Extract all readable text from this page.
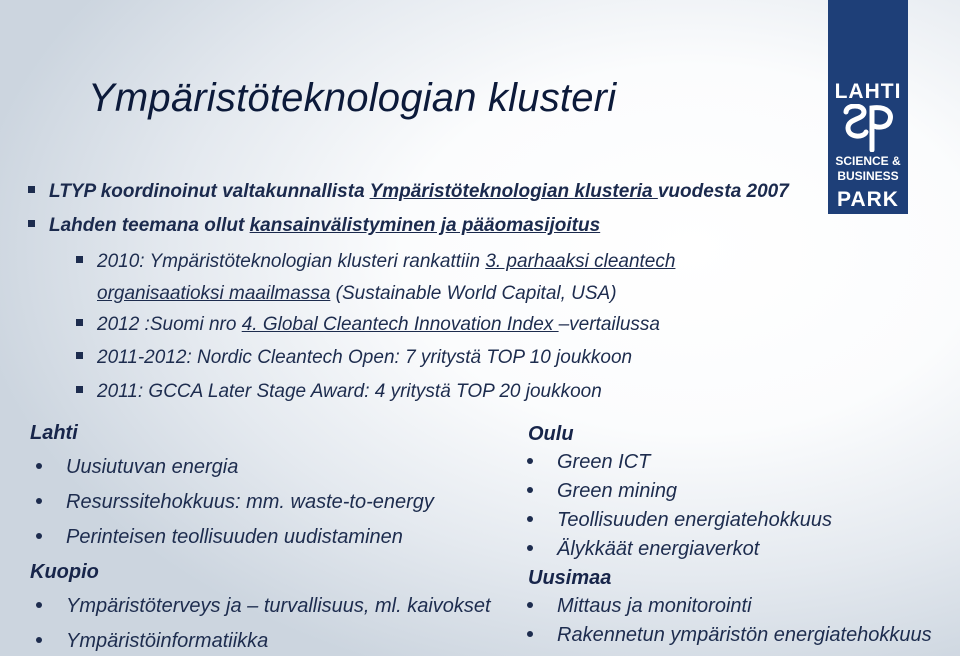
Ympäristöteknologian klusteri	LAHTI
SCIENCE &
BUSINESS
PARK
LTYP koordinoinut valtakunnallista Ympäristöteknologian klusteria vuodesta 2007
Lahden teemana ollut kansainvälistyminen ja pääomasijoitus
2010: Ympäristöteknologian klusteri rankattiin 3. parhaaksi cleantech
organisaatioksi maailmassa (Sustainable World Capital, USA)
2012 :Suomi nro 4. Global Cleantech Innovation Index –vertailussa
2011-2012: Nordic Cleantech Open: 7 yritystä TOP 10 joukkoon
2011: GCCA Later Stage Award: 4 yritystä TOP 20 joukkoon
Lahti
Uusiutuvan energia
Resurssitehokkuus: mm. waste-to-energy
Perinteisen teollisuuden uudistaminen
Kuopio
Ympäristöterveys ja – turvallisuus, ml. kaivokset
Ympäristöinformatiikka
Oulu
Green ICT
Green mining
Teollisuuden energiatehokkuus
Älykkäät energiaverkot
Uusimaa
Mittaus ja monitorointi
Rakennetun ympäristön energiatehokkuus
